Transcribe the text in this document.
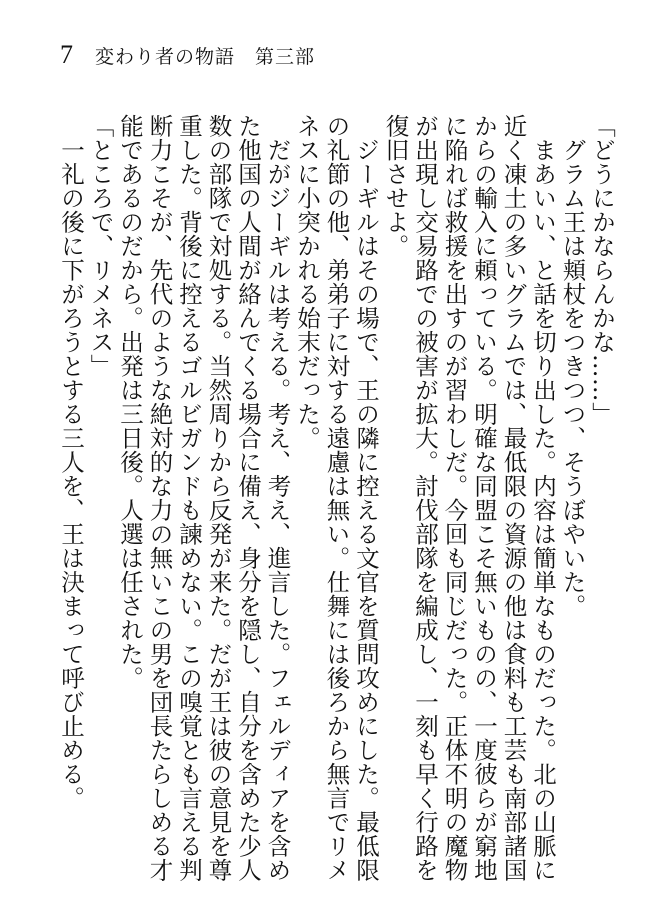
7 変わり者の物語　第三部

「どうにかならんかな……」

　グラム王は頬杖をつきつつ、そうぼやいた。

　まあいい、と話を切り出した。内容は簡単なものだった。北の山脈に近く凍土の多いグラムでは、最低限の資源の他は食料も工芸も南部諸国からの輸入に頼っている。明確な同盟こそ無いものの、一度彼らが窮地に陥れば救援を出すのが習わしだ。今回も同じだった。正体不明の魔物が出現し交易路での被害が拡大。討伐部隊を編成し、一刻も早く行路を復旧させよ。

　ジーギルはその場で、王の隣に控える文官を質問攻めにした。最低限の礼節の他、弟弟子に対する遠慮は無い。仕舞には後ろから無言でリメネスに小突かれる始末だった。

　だがジーギルは考える。考え、考え、進言した。フェルディアを含めた他国の人間が絡んでくる場合に備え、身分を隠し、自分を含めた少人数の部隊で対処する。当然周りから反発が来た。だが王は彼の意見を尊重した。背後に控えるゴルビガンドも諫めない。この嗅覚とも言える判断力こそが、先代のような絶対的な力の無いこの男を団長たらしめる才能であるのだから。出発は三日後。人選は任された。

「ところで、リメネス」

　一礼の後に下がろうとする三人を、王は決まって呼び止める。
